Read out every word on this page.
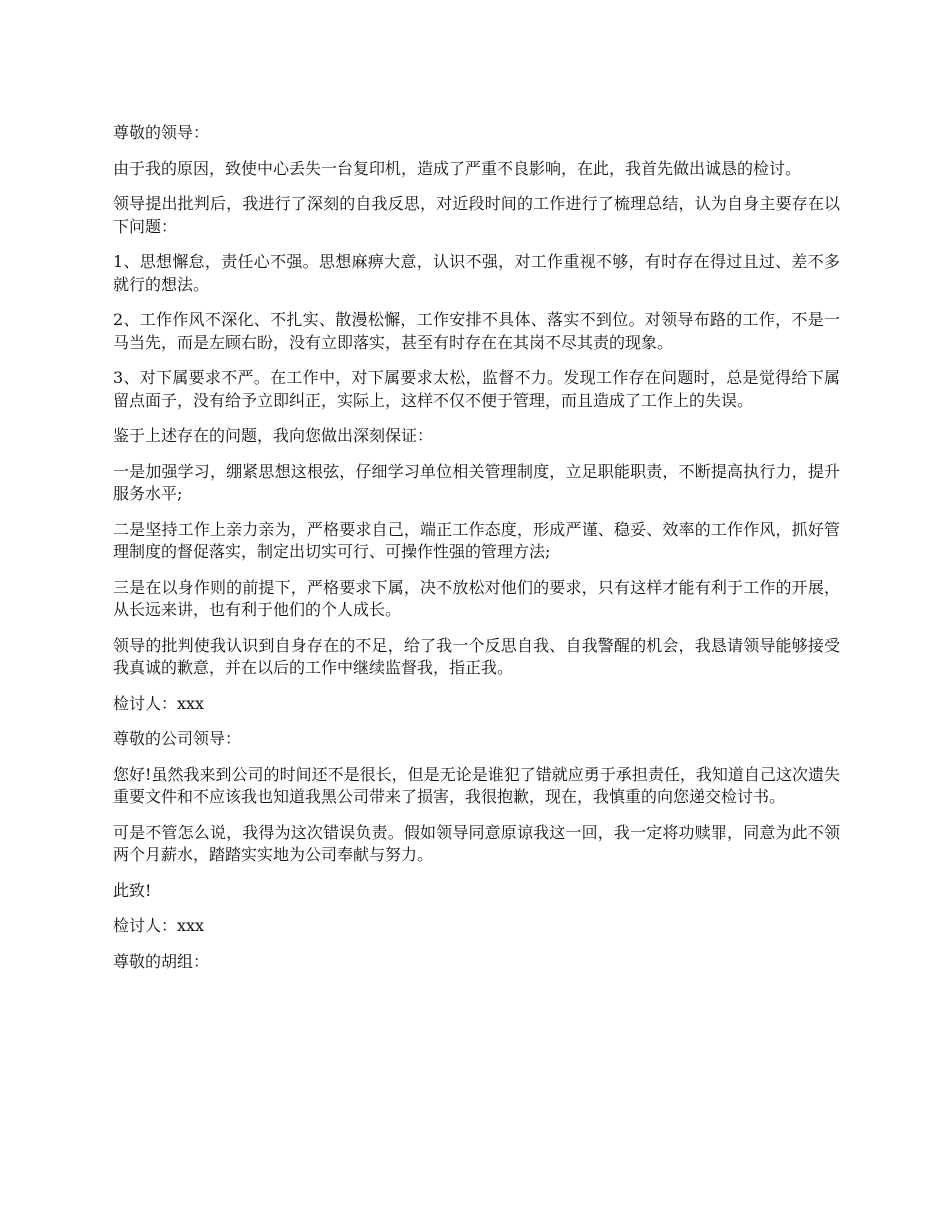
尊敬的领导：

由于我的原因，致使中心丢失一台复印机，造成了严重不良影响，在此，我首先做出诚恳的检讨。

领导提出批判后，我进行了深刻的自我反思，对近段时间的工作进行了梳理总结，认为自身主要存在以下问题：

1、思想懈怠，责任心不强。思想麻痹大意，认识不强，对工作重视不够，有时存在得过且过、差不多就行的想法。

2、工作作风不深化、不扎实、散漫松懈，工作安排不具体、落实不到位。对领导布路的工作，不是一马当先，而是左顾右盼，没有立即落实，甚至有时存在在其岗不尽其责的现象。

3、对下属要求不严。在工作中，对下属要求太松，监督不力。发现工作存在问题时，总是觉得给下属留点面子，没有给予立即纠正，实际上，这样不仅不便于管理，而且造成了工作上的失误。

鉴于上述存在的问题，我向您做出深刻保证：

一是加强学习，绷紧思想这根弦，仔细学习单位相关管理制度，立足职能职责，不断提高执行力，提升服务水平;

二是坚持工作上亲力亲为，严格要求自己，端正工作态度，形成严谨、稳妥、效率的工作作风，抓好管理制度的督促落实，制定出切实可行、可操作性强的管理方法;

三是在以身作则的前提下，严格要求下属，决不放松对他们的要求，只有这样才能有利于工作的开展，从长远来讲，也有利于他们的个人成长。

领导的批判使我认识到自身存在的不足，给了我一个反思自我、自我警醒的机会，我恳请领导能够接受我真诚的歉意，并在以后的工作中继续监督我，指正我。

检讨人：xxx

尊敬的公司领导：

您好!虽然我来到公司的时间还不是很长，但是无论是谁犯了错就应勇于承担责任，我知道自己这次遗失重要文件和不应该我也知道我黑公司带来了损害，我很抱歉，现在，我慎重的向您递交检讨书。

可是不管怎么说，我得为这次错误负责。假如领导同意原谅我这一回，我一定将功赎罪，同意为此不领两个月薪水，踏踏实实地为公司奉献与努力。

此致!

检讨人：xxx

尊敬的胡组：
